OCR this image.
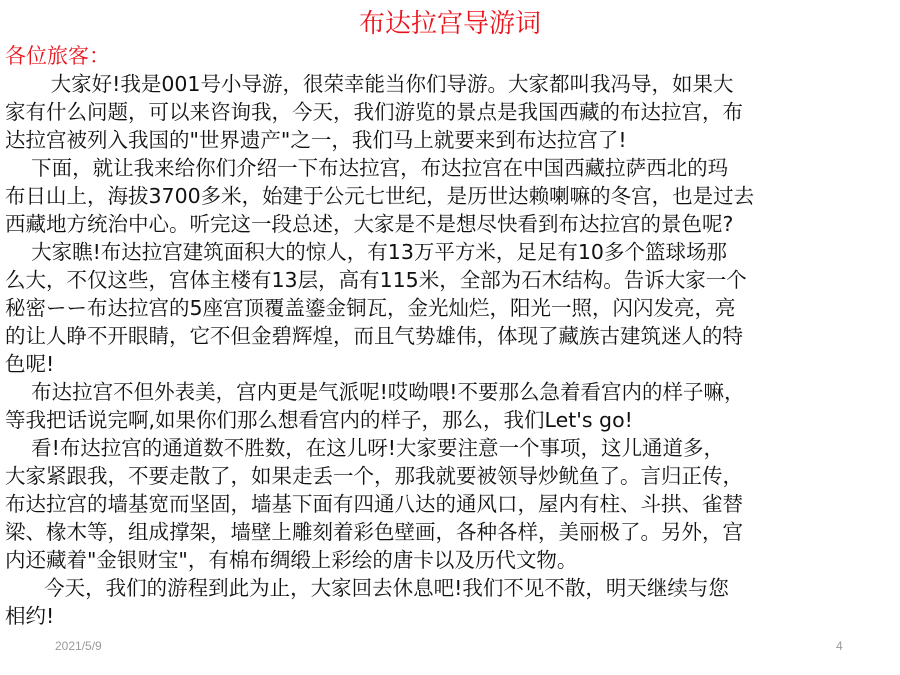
布达拉宫导游词
各位旅客：
大家好!我是001号小导游，很荣幸能当你们导游。大家都叫我冯导，如果大
家有什么问题，可以来咨询我，今天，我们游览的景点是我国西藏的布达拉宫，布
达拉宫被列入我国的"世界遗产"之一，我们马上就要来到布达拉宫了!
下面，就让我来给你们介绍一下布达拉宫，布达拉宫在中国西藏拉萨西北的玛
布日山上，海拔3700多米，始建于公元七世纪，是历世达赖喇嘛的冬宫，也是过去
西藏地方统治中心。听完这一段总述，大家是不是想尽快看到布达拉宫的景色呢?
大家瞧!布达拉宫建筑面积大的惊人，有13万平方米，足足有10多个篮球场那
么大，不仅这些，宫体主楼有13层，高有115米，全部为石木结构。告诉大家一个
秘密ーー布达拉宫的5座宫顶覆盖鎏金铜瓦，金光灿烂，阳光一照，闪闪发亮，亮
的让人睁不开眼睛，它不但金碧辉煌，而且气势雄伟，体现了藏族古建筑迷人的特
色呢!
布达拉宫不但外表美，宫内更是气派呢!哎呦喂!不要那么急着看宫内的样子嘛，
等我把话说完啊,如果你们那么想看宫内的样子，那么，我们Let's go!
看!布达拉宫的通道数不胜数，在这儿呀!大家要注意一个事项，这儿通道多，
大家紧跟我，不要走散了，如果走丢一个，那我就要被领导炒鱿鱼了。言归正传，
布达拉宫的墙基宽而坚固，墙基下面有四通八达的通风口，屋内有柱、斗拱、雀替
梁、椽木等，组成撑架，墙壁上雕刻着彩色壁画，各种各样，美丽极了。另外，宫
内还藏着"金银财宝"，有棉布绸缎上彩绘的唐卡以及历代文物。
今天，我们的游程到此为止，大家回去休息吧!我们不见不散，明天继续与您
相约!
2021/5/9	4
